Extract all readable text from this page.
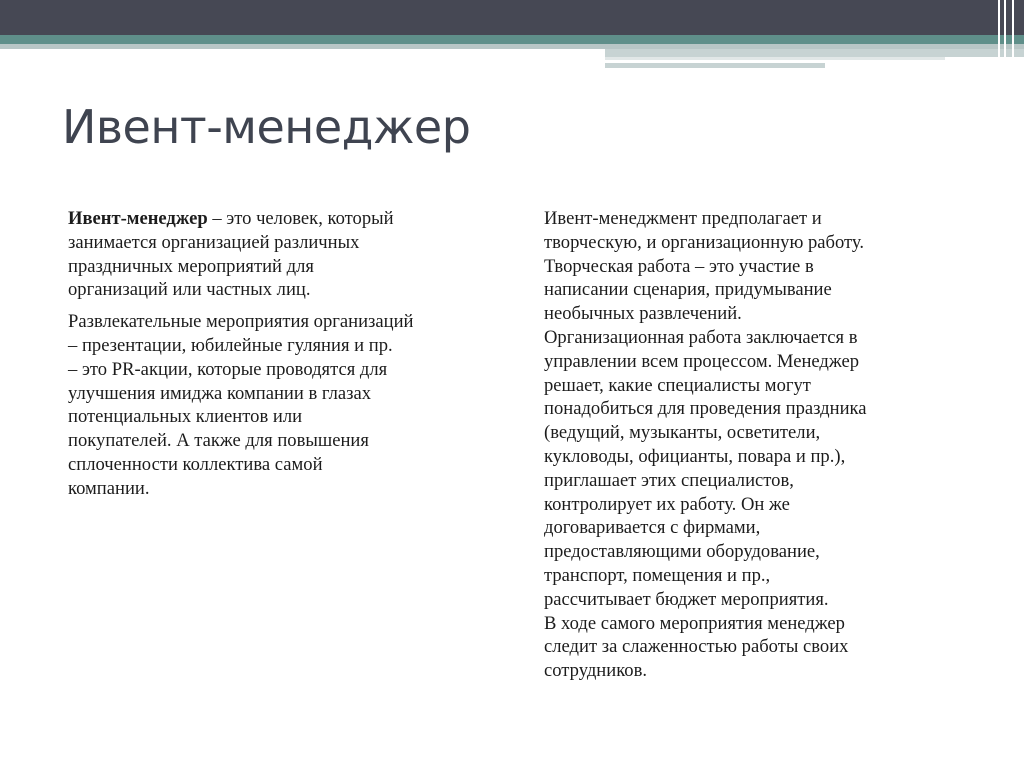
Ивент-менеджер

Ивент-менеджер – это человек, который
занимается организацией различных
праздничных мероприятий для
организаций или частных лиц.

Развлекательные мероприятия организаций
– презентации, юбилейные гуляния и пр.
– это PR-акции, которые проводятся для
улучшения имиджа компании в глазах
потенциальных клиентов или
покупателей. А также для повышения
сплоченности коллектива самой
компании.

Ивент-менеджмент предполагает и
творческую, и организационную работу.
Творческая работа – это участие в
написании сценария, придумывание
необычных развлечений.
Организационная работа заключается в
управлении всем процессом. Менеджер
решает, какие специалисты могут
понадобиться для проведения праздника
(ведущий, музыканты, осветители,
кукловоды, официанты, повара и пр.),
приглашает этих специалистов,
контролирует их работу. Он же
договаривается с фирмами,
предоставляющими оборудование,
транспорт, помещения и пр.,
рассчитывает бюджет мероприятия.
В ходе самого мероприятия менеджер
следит за слаженностью работы своих
сотрудников.
